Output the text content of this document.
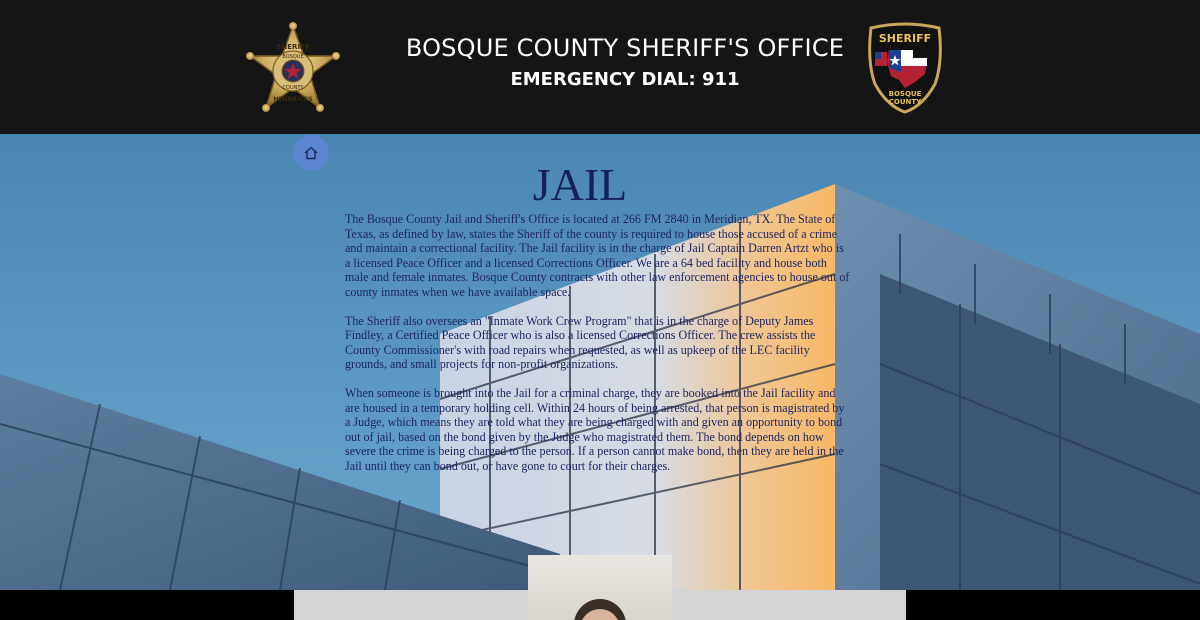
SHERIFF
BOSQUE
COUNTY
HENDRICKS
BOSQUE COUNTY SHERIFF'S OFFICE
EMERGENCY DIAL: 911
SHERIFF
BOSQUE
COUNTY
JAIL

The Bosque County Jail and Sheriff's Office is located at 266 FM 2840 in Meridian, TX. The State of Texas, as defined by law, states the Sheriff of the county is required to house those accused of a crime and maintain a correctional facility. The Jail facility is in the charge of Jail Captain Darren Artzt who is a licensed Peace Officer and a licensed Corrections Officer. We are a 64 bed facility and house both male and female inmates. Bosque County contracts with other law enforcement agencies to house out of county inmates when we have available space.

The Sheriff also oversees an "Inmate Work Crew Program" that is in the charge of Deputy James Findley, a Certified Peace Officer who is also a licensed Corrections Officer. The crew assists the County Commissioner's with road repairs when requested, as well as upkeep of the LEC facility grounds, and small projects for non-profit organizations.

When someone is brought into the Jail for a criminal charge, they are booked into the Jail facility and are housed in a temporary holding cell. Within 24 hours of being arrested, that person is magistrated by a Judge, which means they are told what they are being charged with and given an opportunity to bond out of jail, based on the bond given by the Judge who magistrated them. The bond depends on how severe the crime is being charged to the person. If a person cannot make bond, then they are held in the Jail until they can bond out, or have gone to court for their charges.
